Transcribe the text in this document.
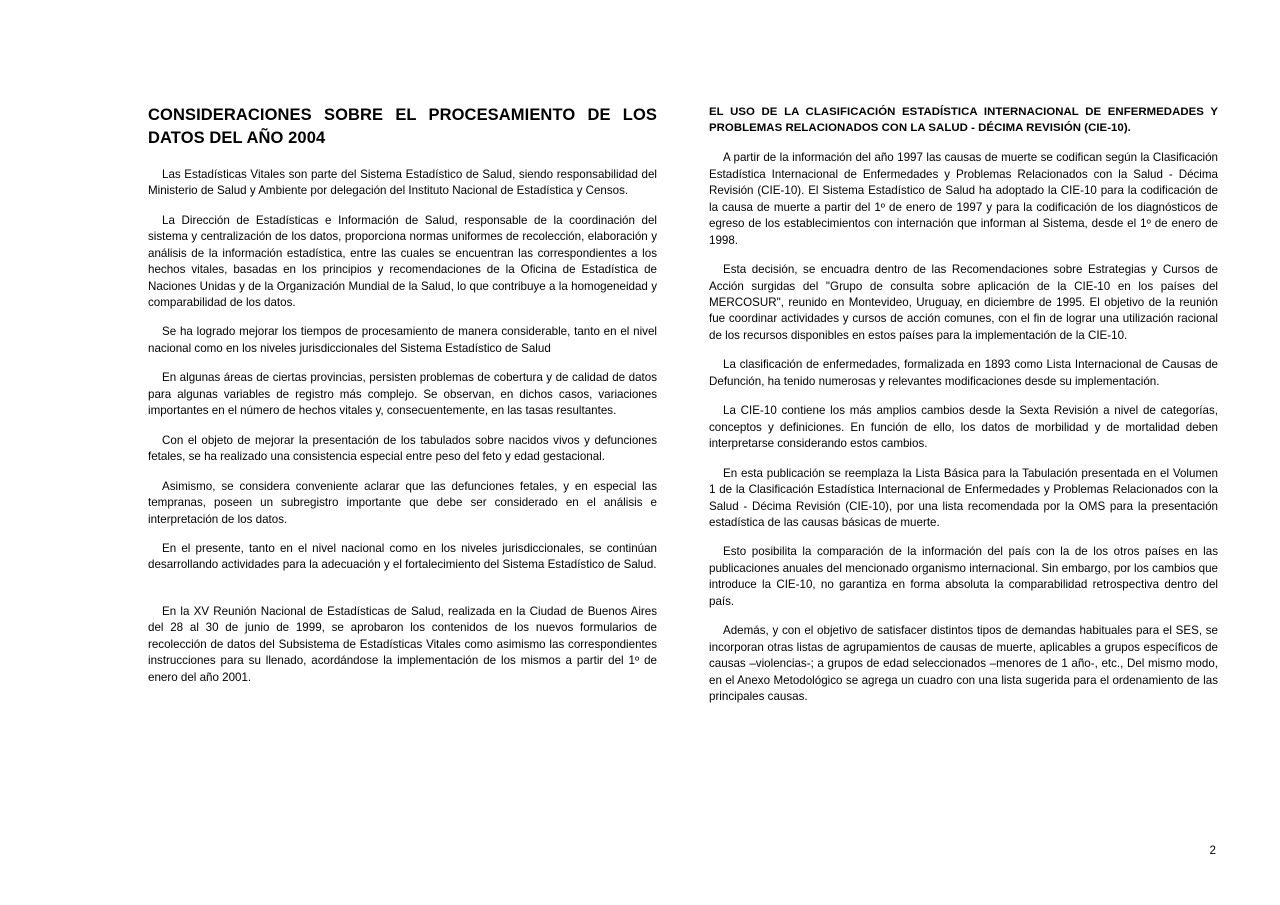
CONSIDERACIONES SOBRE EL PROCESAMIENTO DE LOS DATOS DEL AÑO 2004

Las Estadísticas Vitales son parte del Sistema Estadístico de Salud, siendo responsabilidad del Ministerio de Salud y Ambiente por delegación del Instituto Nacional de Estadística y Censos.

La Dirección de Estadísticas e Información de Salud, responsable de la coordinación del sistema y centralización de los datos, proporciona normas uniformes de recolección, elaboración y análisis de la información estadística, entre las cuales se encuentran las correspondientes a los hechos vitales, basadas en los principios y recomendaciones de la Oficina de Estadística de Naciones Unidas y de la Organización Mundial de la Salud, lo que contribuye a la homogeneidad y comparabilidad de los datos.

Se ha logrado mejorar los tiempos de procesamiento de manera considerable, tanto en el nivel nacional como en los niveles jurisdiccionales del Sistema Estadístico de Salud

En algunas áreas de ciertas provincias, persisten problemas de cobertura y de calidad de datos para algunas variables de registro más complejo. Se observan, en dichos casos, variaciones importantes en el número de hechos vitales y, consecuentemente, en las tasas resultantes.

Con el objeto de mejorar la presentación de los tabulados sobre nacidos vivos y defunciones fetales, se ha realizado una consistencia especial entre peso del feto y edad gestacional.

Asimismo, se considera conveniente aclarar que las defunciones fetales, y en especial las tempranas, poseen un subregistro importante que debe ser considerado en el análisis e interpretación de los datos.

En el presente, tanto en el nivel nacional como en los niveles jurisdiccionales, se continúan desarrollando actividades para la adecuación y el fortalecimiento del Sistema Estadístico de Salud.

En la XV Reunión Nacional de Estadísticas de Salud, realizada en la Ciudad de Buenos Aires del 28 al 30 de junio de 1999, se aprobaron los contenidos de los nuevos formularios de recolección de datos del Subsistema de Estadísticas Vitales como asimismo las correspondientes instrucciones para su llenado, acordándose la implementación de los mismos a partir del 1º de enero del año 2001.

EL USO DE LA CLASIFICACIÓN ESTADÍSTICA INTERNACIONAL DE ENFERMEDADES Y PROBLEMAS RELACIONADOS CON LA SALUD - DÉCIMA REVISIÓN (CIE-10).

A partir de la información del año 1997 las causas de muerte se codifican según la Clasificación Estadística Internacional de Enfermedades y Problemas Relacionados con la Salud - Décima Revisión (CIE-10). El Sistema Estadístico de Salud ha adoptado la CIE-10 para la codificación de la causa de muerte a partir del 1º de enero de 1997 y para la codificación de los diagnósticos de egreso de los establecimientos con internación que informan al Sistema, desde el 1º de enero de 1998.

Esta decisión, se encuadra dentro de las Recomendaciones sobre Estrategias y Cursos de Acción surgidas del "Grupo de consulta sobre aplicación de la CIE-10 en los países del MERCOSUR", reunido en Montevideo, Uruguay, en diciembre de 1995. El objetivo de la reunión fue coordinar actividades y cursos de acción comunes, con el fin de lograr una utilización racional de los recursos disponibles en estos países para la implementación de la CIE-10.

La clasificación de enfermedades, formalizada en 1893 como Lista Internacional de Causas de Defunción, ha tenido numerosas y relevantes modificaciones desde su implementación.

La CIE-10 contiene los más amplios cambios desde la Sexta Revisión a nivel de categorías, conceptos y definiciones. En función de ello, los datos de morbilidad y de mortalidad deben interpretarse considerando estos cambios.

En esta publicación se reemplaza la Lista Básica para la Tabulación presentada en el Volumen 1 de la Clasificación Estadística Internacional de Enfermedades y Problemas Relacionados con la Salud - Décima Revisión (CIE-10), por una lista recomendada por la OMS para la presentación estadística de las causas básicas de muerte.

Esto posibilita la comparación de la información del país con la de los otros países en las publicaciones anuales del mencionado organismo internacional. Sin embargo, por los cambios que introduce la CIE-10, no garantiza en forma absoluta la comparabilidad retrospectiva dentro del país.

Además, y con el objetivo de satisfacer distintos tipos de demandas habituales para el SES, se incorporan otras listas de agrupamientos de causas de muerte, aplicables a grupos específicos de causas –violencias-; a grupos de edad seleccionados –menores de 1 año-, etc., Del mismo modo, en el Anexo Metodológico se agrega un cuadro con una lista sugerida para el ordenamiento de las principales causas.

2
